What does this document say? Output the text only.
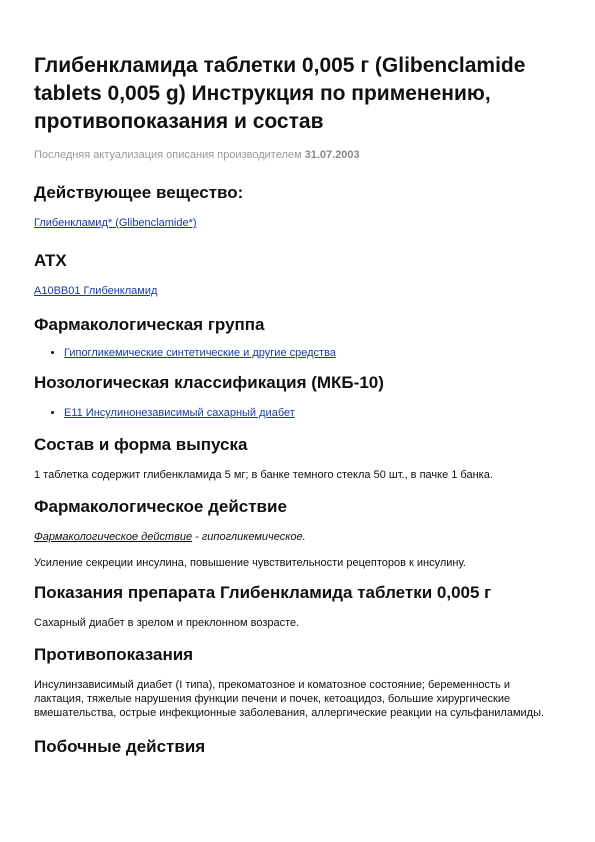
Глибенкламида таблетки 0,005 г (Glibenclamide tablets 0,005 g) Инструкция по применению, противопоказания и состав
Последняя актуализация описания производителем 31.07.2003
Действующее вещество:

Глибенкламид* (Glibenclamide*)

ATX

A10BB01 Глибенкламид

Фармакологическая группа
• Гипогликемические синтетические и другие средства
Нозологическая классификация (МКБ-10)
• E11 Инсулинонезависимый сахарный диабет
Состав и форма выпуска

1 таблетка содержит глибенкламида 5 мг; в банке темного стекла 50 шт., в пачке 1 банка.

Фармакологическое действие

Фармакологическое действие - гипогликемическое.

Усиление секреции инсулина, повышение чувствительности рецепторов к инсулину.

Показания препарата Глибенкламида таблетки 0,005 г

Сахарный диабет в зрелом и преклонном возрасте.

Противопоказания

Инсулинзависимый диабет (I типа), прекоматозное и коматозное состояние; беременность и лактация, тяжелые нарушения функции печени и почек, кетоацидоз, большие хирургические вмешательства, острые инфекционные заболевания, аллергические реакции на сульфаниламиды.

Побочные действия
